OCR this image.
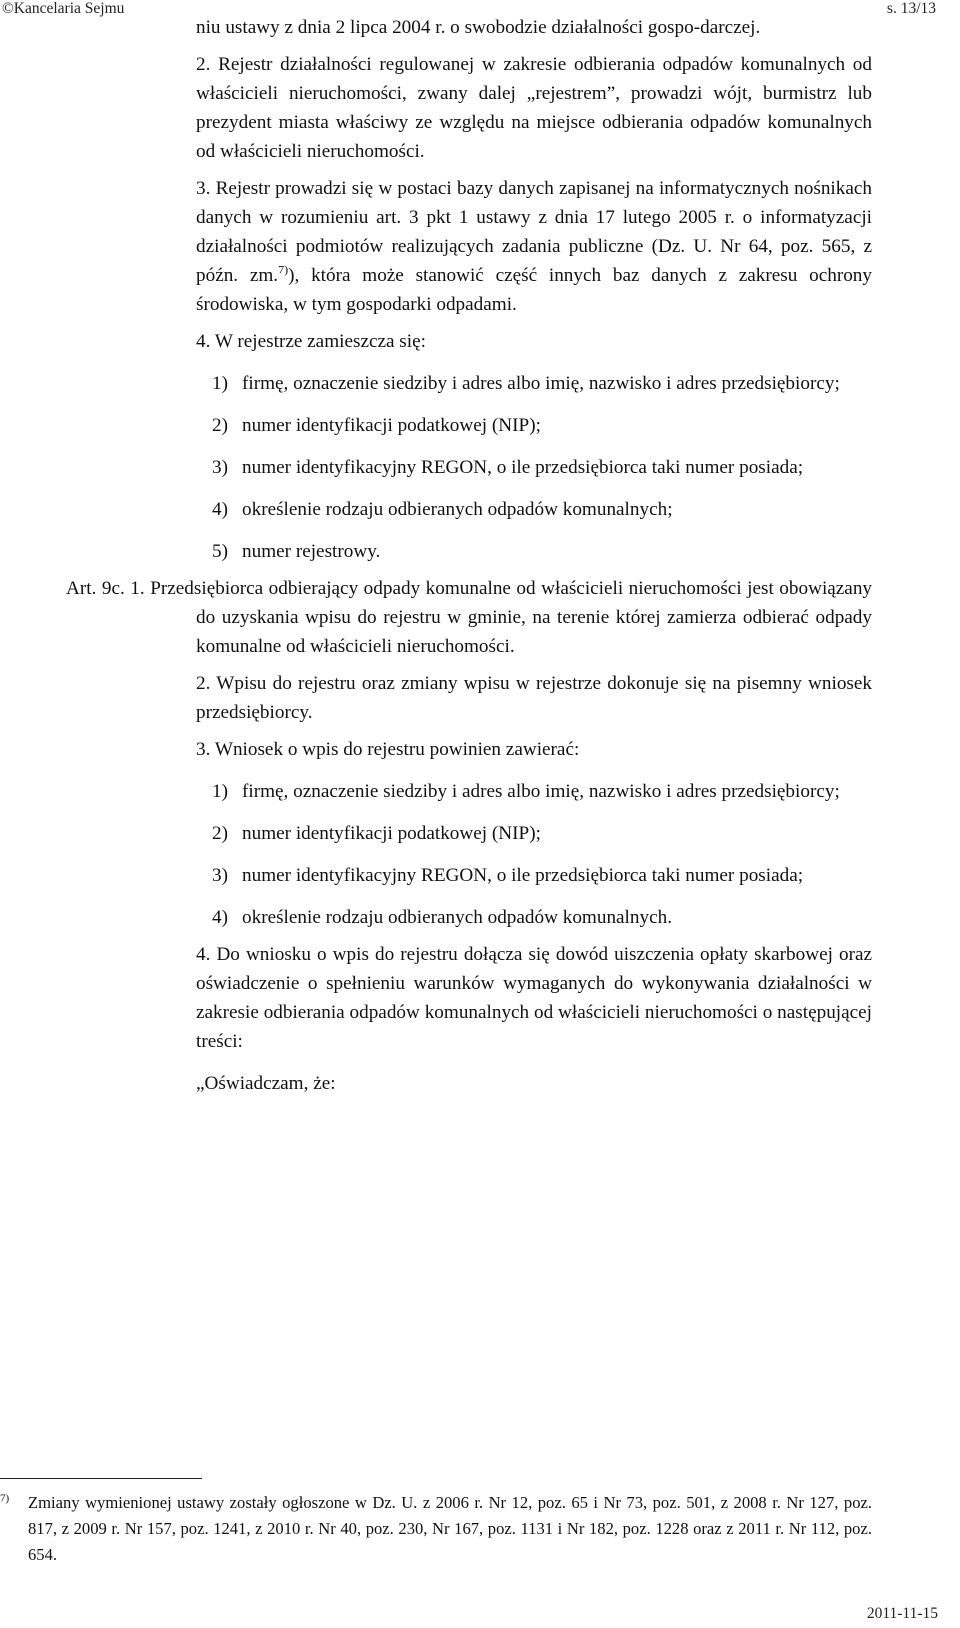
©Kancelaria Sejmu	s. 13/13

niu ustawy z dnia 2 lipca 2004 r. o swobodzie działalności gospo-darczej.

2. Rejestr działalności regulowanej w zakresie odbierania odpadów komunalnych od właścicieli nieruchomości, zwany dalej „rejestrem”, prowadzi wójt, burmistrz lub prezydent miasta właściwy ze względu na miejsce odbierania odpadów komunalnych od właścicieli nieruchomości.

3. Rejestr prowadzi się w postaci bazy danych zapisanej na informatycznych nośnikach danych w rozumieniu art. 3 pkt 1 ustawy z dnia 17 lutego 2005 r. o informatyzacji działalności podmiotów realizujących zadania publiczne (Dz. U. Nr 64, poz. 565, z późn. zm.$^{7)}$), która może stanowić część innych baz danych z zakresu ochrony środowiska, w tym gospodarki odpadami.

4. W rejestrze zamieszcza się:

1) firmę, oznaczenie siedziby i adres albo imię, nazwisko i adres przedsiębiorcy;
2) numer identyfikacji podatkowej (NIP);
3) numer identyfikacyjny REGON, o ile przedsiębiorca taki numer posiada;
4) określenie rodzaju odbieranych odpadów komunalnych;
5) numer rejestrowy.

Art. 9c. 1. Przedsiębiorca odbierający odpady komunalne od właścicieli nieruchomości jest obowiązany do uzyskania wpisu do rejestru w gminie, na terenie której zamierza odbierać odpady komunalne od właścicieli nieruchomości.

2. Wpisu do rejestru oraz zmiany wpisu w rejestrze dokonuje się na pisemny wniosek przedsiębiorcy.

3. Wniosek o wpis do rejestru powinien zawierać:

1) firmę, oznaczenie siedziby i adres albo imię, nazwisko i adres przedsiębiorcy;
2) numer identyfikacji podatkowej (NIP);
3) numer identyfikacyjny REGON, o ile przedsiębiorca taki numer posiada;
4) określenie rodzaju odbieranych odpadów komunalnych.

4. Do wniosku o wpis do rejestru dołącza się dowód uiszczenia opłaty skarbowej oraz oświadczenie o spełnieniu warunków wymaganych do wykonywania działalności w zakresie odbierania odpadów komunalnych od właścicieli nieruchomości o następującej treści:

„Oświadczam, że:

$^{7)}$ Zmiany wymienionej ustawy zostały ogłoszone w Dz. U. z 2006 r. Nr 12, poz. 65 i Nr 73, poz. 501, z 2008 r. Nr 127, poz. 817, z 2009 r. Nr 157, poz. 1241, z 2010 r. Nr 40, poz. 230, Nr 167, poz. 1131 i Nr 182, poz. 1228 oraz z 2011 r. Nr 112, poz. 654.
2011-11-15
